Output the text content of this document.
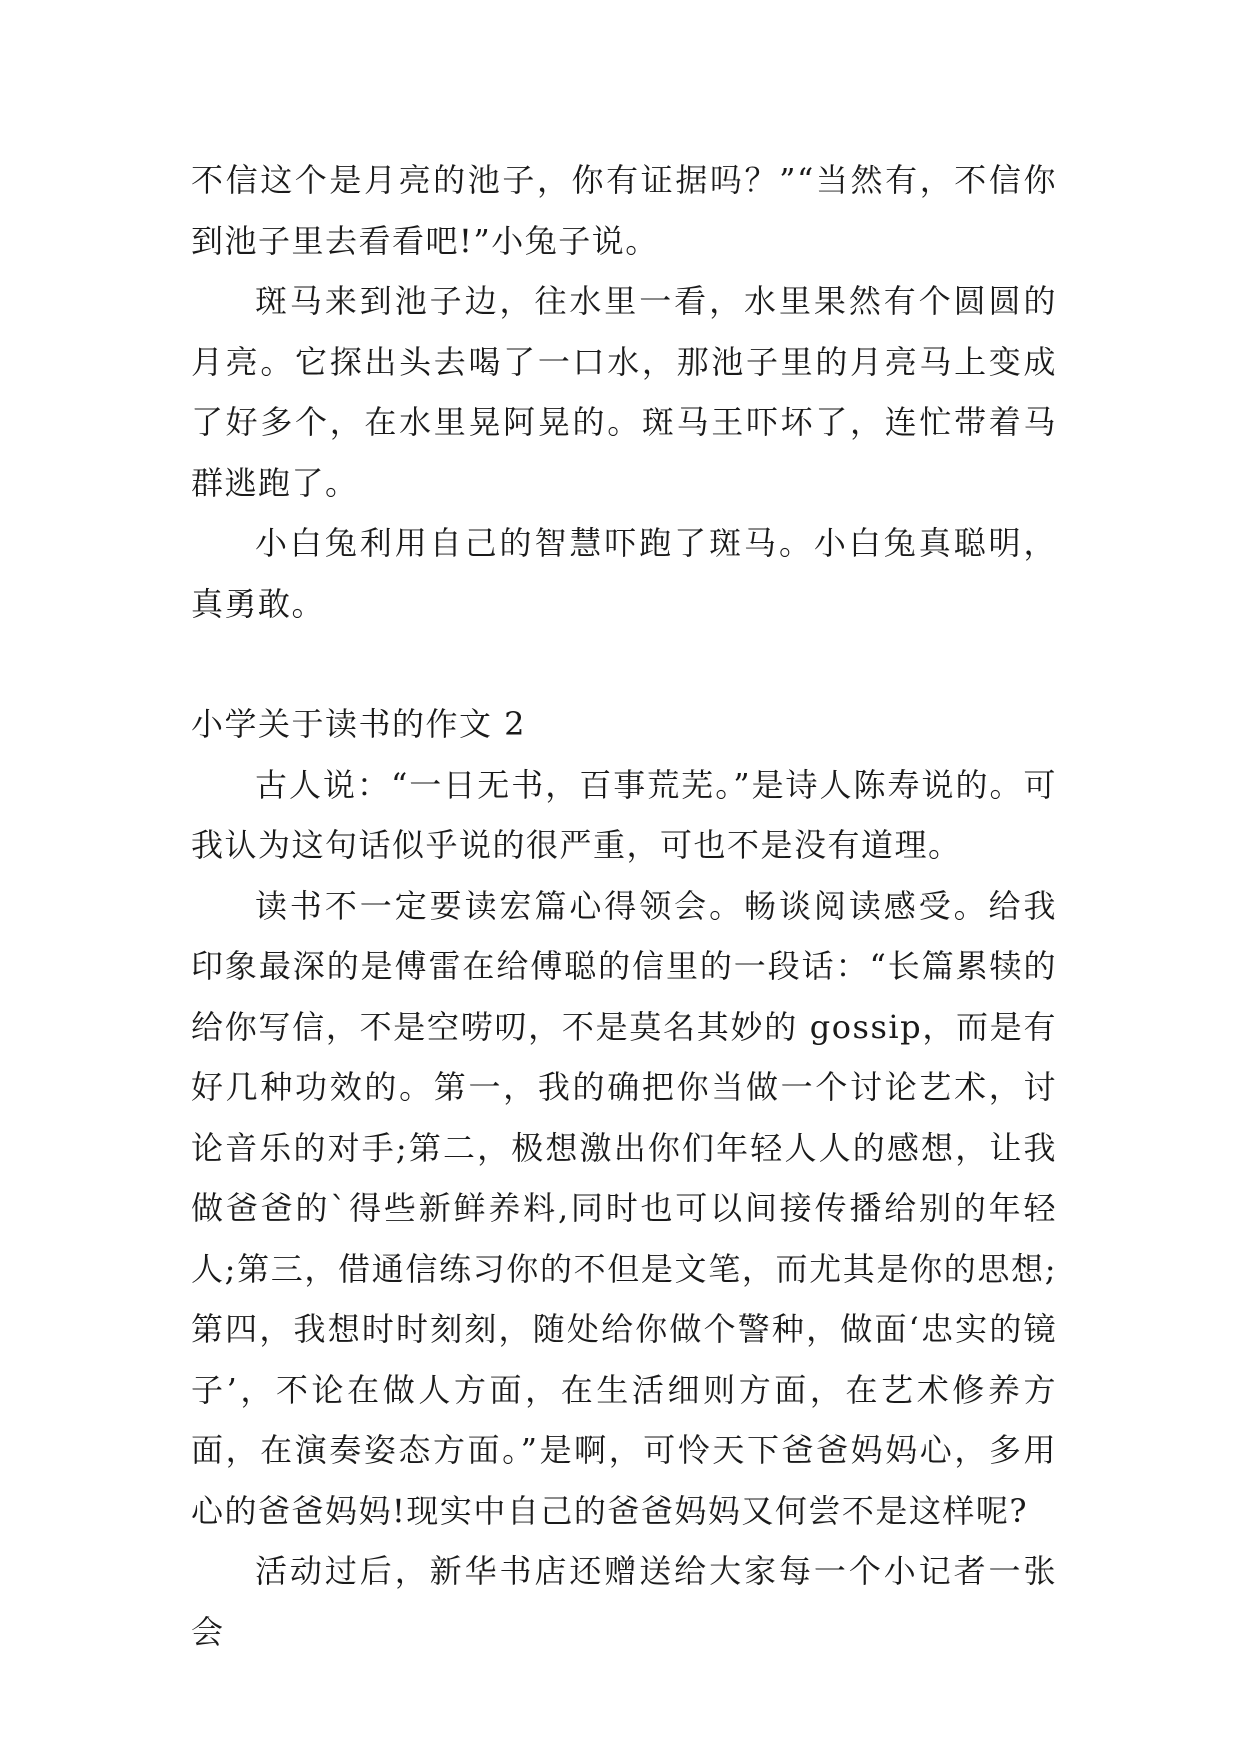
不信这个是月亮的池子，你有证据吗？”“当然有，不信你到池子里去看看吧!”小兔子说。

斑马来到池子边，往水里一看，水里果然有个圆圆的月亮。它探出头去喝了一口水，那池子里的月亮马上变成了好多个，在水里晃阿晃的。斑马王吓坏了，连忙带着马群逃跑了。

小白兔利用自己的智慧吓跑了斑马。小白兔真聪明，真勇敢。

小学关于读书的作文 2

古人说：“一日无书，百事荒芜。”是诗人陈寿说的。可我认为这句话似乎说的很严重，可也不是没有道理。

读书不一定要读宏篇心得领会。畅谈阅读感受。给我印象最深的是傅雷在给傅聪的信里的一段话：“长篇累犊的给你写信，不是空唠叨，不是莫名其妙的 gossip，而是有好几种功效的。第一，我的确把你当做一个讨论艺术，讨论音乐的对手;第二，极想激出你们年轻人人的感想，让我做爸爸的`得些新鲜养料,同时也可以间接传播给别的年轻人;第三，借通信练习你的不但是文笔，而尤其是你的思想;第四，我想时时刻刻，随处给你做个警种，做面‘忠实的镜子’，不论在做人方面，在生活细则方面，在艺术修养方面，在演奏姿态方面。”是啊，可怜天下爸爸妈妈心，多用心的爸爸妈妈!现实中自己的爸爸妈妈又何尝不是这样呢?

活动过后，新华书店还赠送给大家每一个小记者一张会
